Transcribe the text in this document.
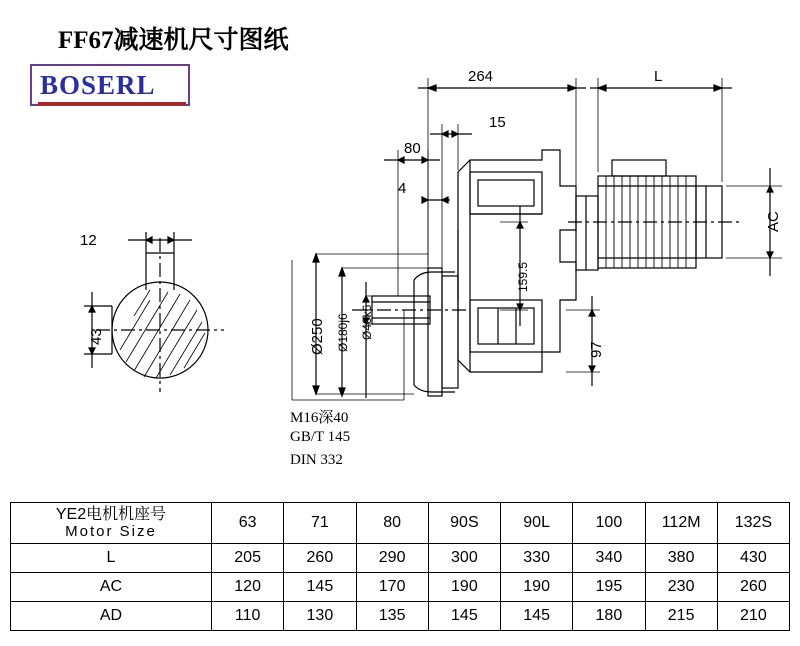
FF67减速机尺寸图纸
BOSERL
12
43
264	L
15
80
4
AC
159.5
97
Ø250 Ø180j6 Ø40k6
M16深40
GB/T 145
DIN 332
YE2电机机座号
Motor Size	63	71	80	90S	90L	100	112M	132S
L	205	260	290	300	330	340	380	430
AC	120	145	170	190	190	195	230	260
AD	110	130	135	145	145	180	215	210
